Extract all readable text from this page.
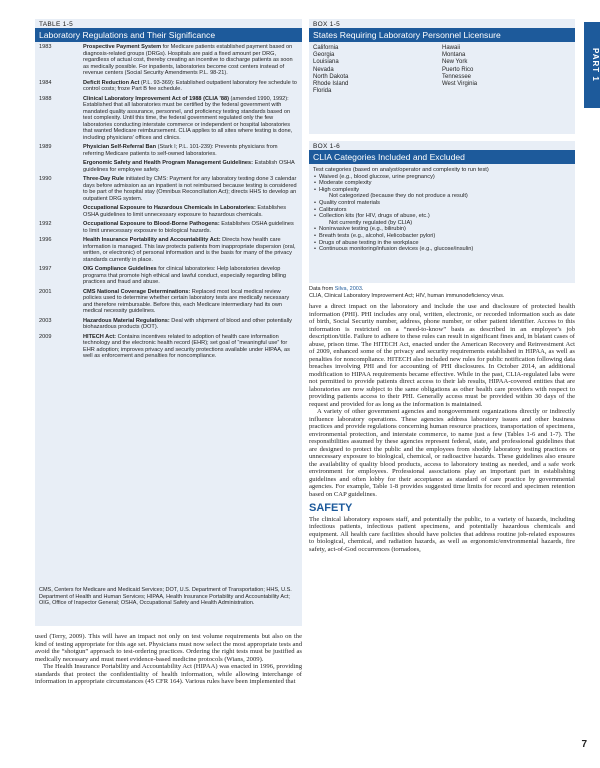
PART 1
TABLE 1-5
Laboratory Regulations and Their Significance
1983	Prospective Payment System for Medicare patients established payment based on diagnosis-related groups (DRGs). Hospitals are paid a fixed amount per DRG, regardless of actual cost, thereby creating an incentive to discharge patients as soon as medically possible. For inpatients, laboratories become cost centers instead of revenue centers (Social Security Amendments P.L. 98-21).
1984	Deficit Reduction Act (P.L. 93-369): Established outpatient laboratory fee schedule to control costs; froze Part B fee schedule.
1988	Clinical Laboratory Improvement Act of 1988 (CLIA ’88) (amended 1990, 1992): Established that all laboratories must be certified by the federal government with mandated quality assurance, personnel, and proficiency testing standards based on test complexity. Until this time, the federal government regulated only the few laboratories conducting interstate commerce or independent or hospital laboratories that wanted Medicare reimbursement. CLIA applies to all sites where testing is done, including physicians’ offices and clinics.
1989	Physician Self-Referral Ban (Stark I; P.L. 101-239): Prevents physicians from referring Medicare patients to self-owned laboratories.
Ergonomic Safety and Health Program Management Guidelines: Establish OSHA guidelines for employee safety.
1990	Three-Day Rule initiated by CMS: Payment for any laboratory testing done 3 calendar days before admission as an inpatient is not reimbursed because testing is considered to be part of the hospital stay (Omnibus Reconciliation Act); directs HHS to develop an outpatient DRG system.
Occupational Exposure to Hazardous Chemicals in Laboratories: Establishes OSHA guidelines to limit unnecessary exposure to hazardous chemicals.
1992	Occupational Exposure to Blood-Borne Pathogens: Establishes OSHA guidelines to limit unnecessary exposure to biological hazards.
1996	Health Insurance Portability and Accountability Act: Directs how health care information is managed. This law protects patients from inappropriate dispersion (oral, written, or electronic) of personal information and is the basis for many of the privacy standards currently in place.
1997	OIG Compliance Guidelines for clinical laboratories: Help laboratories develop programs that promote high ethical and lawful conduct, especially regarding billing practices and fraud and abuse.
2001	CMS National Coverage Determinations: Replaced most local medical review policies used to determine whether certain laboratory tests are medically necessary and therefore reimbursable. Before this, each Medicare intermediary had its own medical necessity guidelines.
2003	Hazardous Material Regulations: Deal with shipment of blood and other potentially biohazardous products (DOT).
2009	HITECH Act: Contains incentives related to adoption of health care information technology and the electronic health record (EHR); set goal of “meaningful use” for EHR adoption; improves privacy and security protections available under HIPAA, as well as enforcement and penalties for noncompliance.
CMS, Centers for Medicare and Medicaid Services; DOT, U.S. Department of Transportation; HHS, U.S. Department of Health and Human Services; HIPAA, Health Insurance Portability and Accountability Act; OIG, Office of Inspector General; OSHA, Occupational Safety and Health Administration.
BOX 1-5
States Requiring Laboratory Personnel Licensure
California
Georgia
Louisiana
Nevada
North Dakota
Rhode Island
Florida
Hawaii
Montana
New York
Puerto Rico
Tennessee
West Virginia
BOX 1-6
CLIA Categories Included and Excluded
Test categories (based on analyst/operator and complexity to run test)
• Waived (e.g., blood glucose, urine pregnancy)
• Moderate complexity
• High complexity
Not categorized (because they do not produce a result)
• Quality control materials
• Calibrators
• Collection kits (for HIV, drugs of abuse, etc.)
Not currently regulated (by CLIA)
• Noninvasive testing (e.g., bilirubin)
• Breath tests (e.g., alcohol, Helicobacter pylori)
• Drugs of abuse testing in the workplace
• Continuous monitoring/infusion devices (e.g., glucose/insulin)
Data from Silva, 2003.
CLIA, Clinical Laboratory Improvement Act; HIV, human immunodeficiency virus.

used (Terry, 2009). This will have an impact not only on test volume requirements but also on the kind of testing appropriate for this age set. Physicians must now select the most appropriate tests and avoid the “shotgun” approach to test-ordering practices. Ordering the right tests must be justified as medically necessary and must meet evidence-based medicine protocols (Wians, 2009).

The Health Insurance Portability and Accountability Act (HIPAA) was enacted in 1996, providing standards that protect the confidentiality of health information, while allowing interchange of information in appropriate circumstances (45 CFR 164). Various rules have been implemented that

have a direct impact on the laboratory and include the use and disclosure of protected health information (PHI). PHI includes any oral, written, electronic, or recorded information such as date of birth, Social Security number, address, phone number, or other patient identifier. Access to this information is restricted on a “need-to-know” basis as described in an employee’s job description/title. Failure to adhere to these rules can result in significant fines and, in blatant cases of abuse, prison time. The HITECH Act, enacted under the American Recovery and Reinvestment Act of 2009, enhanced some of the privacy and security requirements established in HIPAA, as well as penalties for noncompliance. HITECH also included new rules for public notification following data breaches involving PHI and for accounting of PHI disclosures. In October 2014, an additional modification to HIPAA requirements became effective. While in the past, CLIA-regulated labs were not permitted to provide patients direct access to their lab results, HIPAA-covered entities that are laboratories are now subject to the same obligations as other health care providers with respect to providing patients access to their PHI. Generally access must be provided within 30 days of the request and provided for as long as the information is maintained.

A variety of other government agencies and nongovernment organizations directly or indirectly influence laboratory operations. These agencies address laboratory issues and other business practices and provide regulations concerning human resource practices, transportation of specimens, environmental protection, and interstate commerce, to name just a few (Tables 1-6 and 1-7). The responsibilities assumed by these agencies represent federal, state, and professional guidelines that are designed to protect the public and the employees from shoddy laboratory testing practices or unnecessary exposure to biological, chemical, or radioactive hazards. These guidelines also ensure the availability of quality blood products, access to laboratory testing as needed, and a safe work environment for employees. Professional associations play an important part in establishing guidelines and often lobby for their acceptance as standard of care practice by governmental agencies. For example, Table 1-8 provides suggested time limits for record and specimen retention based on CAP guidelines.

SAFETY

The clinical laboratory exposes staff, and potentially the public, to a variety of hazards, including infectious patients, infectious patient specimens, and potentially hazardous chemicals and equipment. All health care facilities should have policies that address routine job-related exposures to biological, chemical, and radiation hazards, as well as ergonomic/environmental hazards, fire safety, act-of-God occurrences (tornadoes,

7
